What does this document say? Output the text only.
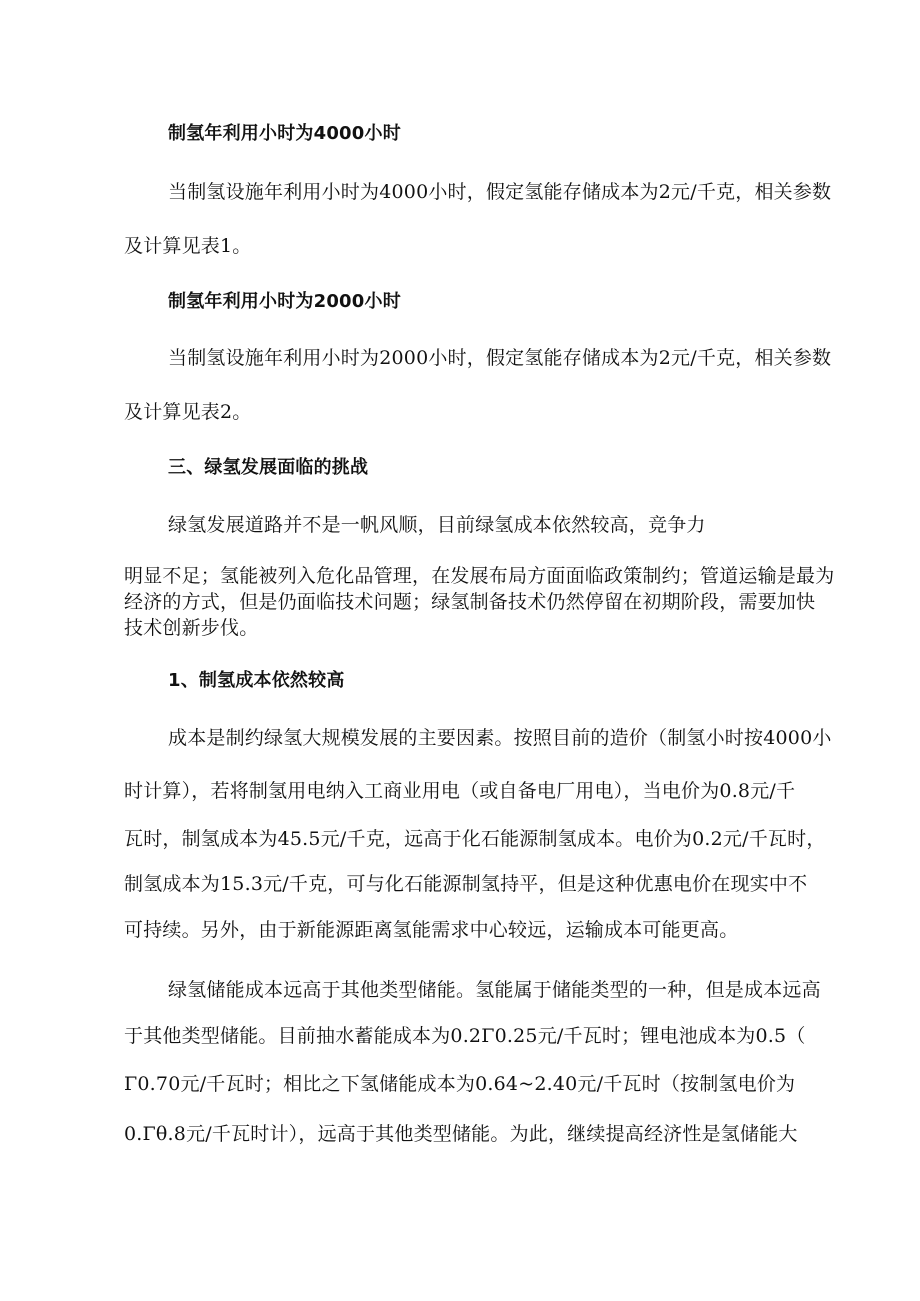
制氢年利用小时为4000小时
当制氢设施年利用小时为4000小时，假定氢能存储成本为2元/千克，相关参数
及计算见表1。
制氢年利用小时为2000小时
当制氢设施年利用小时为2000小时，假定氢能存储成本为2元/千克，相关参数
及计算见表2。
三、绿氢发展面临的挑战
绿氢发展道路并不是一帆风顺，目前绿氢成本依然较高，竞争力
明显不足；氢能被列入危化品管理，在发展布局方面面临政策制约；管道运输是最为
经济的方式，但是仍面临技术问题；绿氢制备技术仍然停留在初期阶段，需要加快
技术创新步伐。
1、制氢成本依然较高
成本是制约绿氢大规模发展的主要因素。按照目前的造价（制氢小时按4000小
时计算），若将制氢用电纳入工商业用电（或自备电厂用电），当电价为0.8元/千
瓦时，制氢成本为45.5元/千克，远高于化石能源制氢成本。电价为0.2元/千瓦时，
制氢成本为15.3元/千克，可与化石能源制氢持平，但是这种优惠电价在现实中不
可持续。另外，由于新能源距离氢能需求中心较远，运输成本可能更高。
绿氢储能成本远高于其他类型储能。氢能属于储能类型的一种，但是成本远高
于其他类型储能。目前抽水蓄能成本为0.2Γ0.25元/千瓦时；锂电池成本为0.5（
Γ0.70元/千瓦时；相比之下氢储能成本为0.64~2.40元/千瓦时（按制氢电价为
0.Γθ.8元/千瓦时计），远高于其他类型储能。为此，继续提高经济性是氢储能大
